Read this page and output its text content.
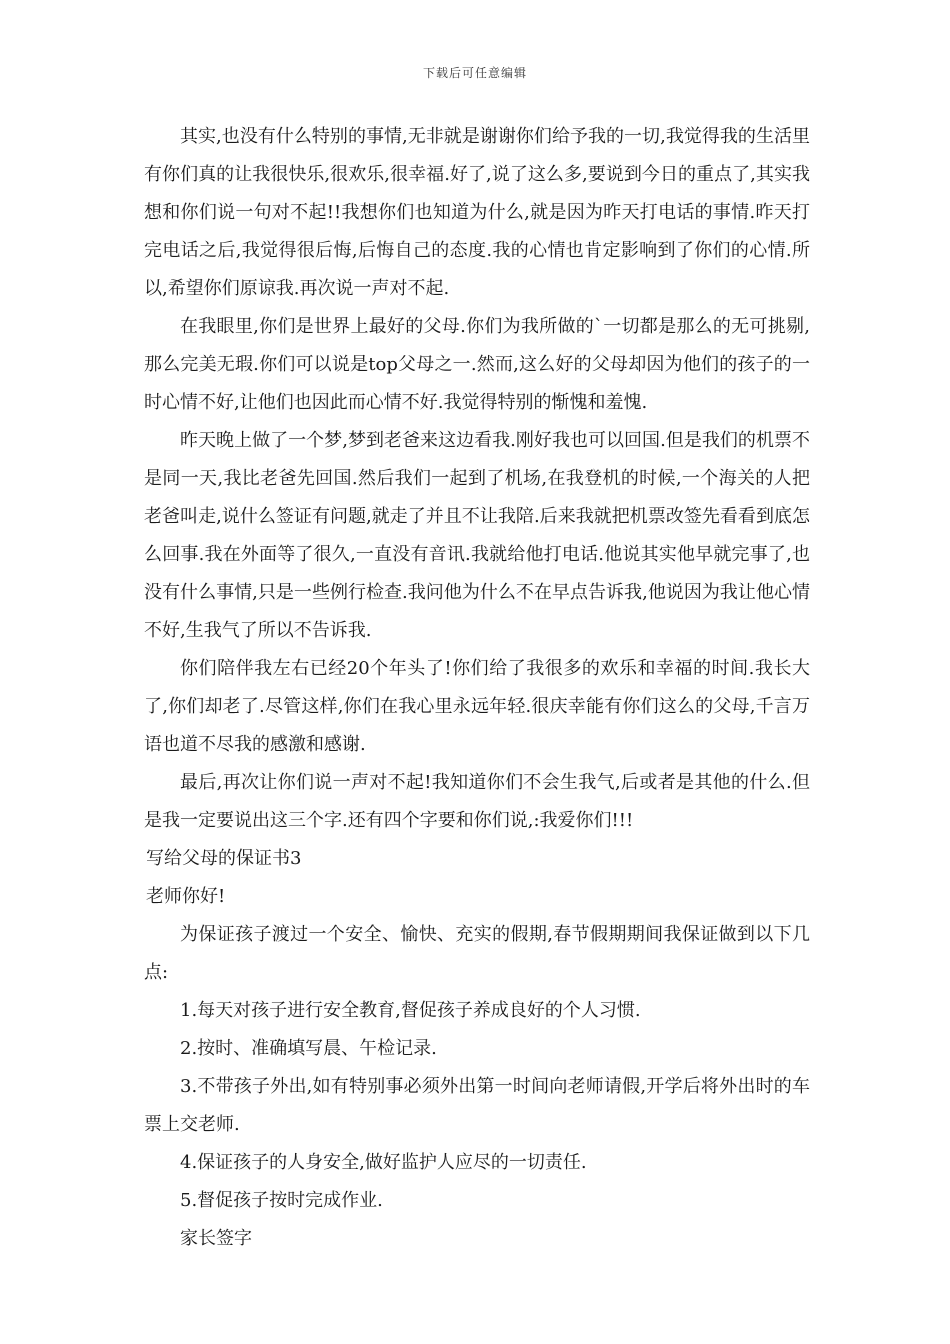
下载后可任意编辑

其实,也没有什么特别的事情,无非就是谢谢你们给予我的一切,我觉得我的生活里有你们真的让我很快乐,很欢乐,很幸福.好了,说了这么多,要说到今日的重点了,其实我想和你们说一句对不起!!我想你们也知道为什么,就是因为昨天打电话的事情.昨天打完电话之后,我觉得很后悔,后悔自己的态度.我的心情也肯定影响到了你们的心情.所以,希望你们原谅我.再次说一声对不起.

在我眼里,你们是世界上最好的父母.你们为我所做的`一切都是那么的无可挑剔,那么完美无瑕.你们可以说是top父母之一.然而,这么好的父母却因为他们的孩子的一时心情不好,让他们也因此而心情不好.我觉得特别的惭愧和羞愧.

昨天晚上做了一个梦,梦到老爸来这边看我.刚好我也可以回国.但是我们的机票不是同一天,我比老爸先回国.然后我们一起到了机场,在我登机的时候,一个海关的人把老爸叫走,说什么签证有问题,就走了并且不让我陪.后来我就把机票改签先看看到底怎么回事.我在外面等了很久,一直没有音讯.我就给他打电话.他说其实他早就完事了,也没有什么事情,只是一些例行检查.我问他为什么不在早点告诉我,他说因为我让他心情不好,生我气了所以不告诉我.

你们陪伴我左右已经20个年头了!你们给了我很多的欢乐和幸福的时间.我长大了,你们却老了.尽管这样,你们在我心里永远年轻.很庆幸能有你们这么的父母,千言万语也道不尽我的感激和感谢.

最后,再次让你们说一声对不起!我知道你们不会生我气,后或者是其他的什么.但是我一定要说出这三个字.还有四个字要和你们说,:我爱你们!!!

写给父母的保证书3

老师你好!

为保证孩子渡过一个安全、愉快、充实的假期,春节假期期间我保证做到以下几点:

1.每天对孩子进行安全教育,督促孩子养成良好的个人习惯.

2.按时、准确填写晨、午检记录.

3.不带孩子外出,如有特别事必须外出第一时间向老师请假,开学后将外出时的车票上交老师.

4.保证孩子的人身安全,做好监护人应尽的一切责任.

5.督促孩子按时完成作业.

家长签字
